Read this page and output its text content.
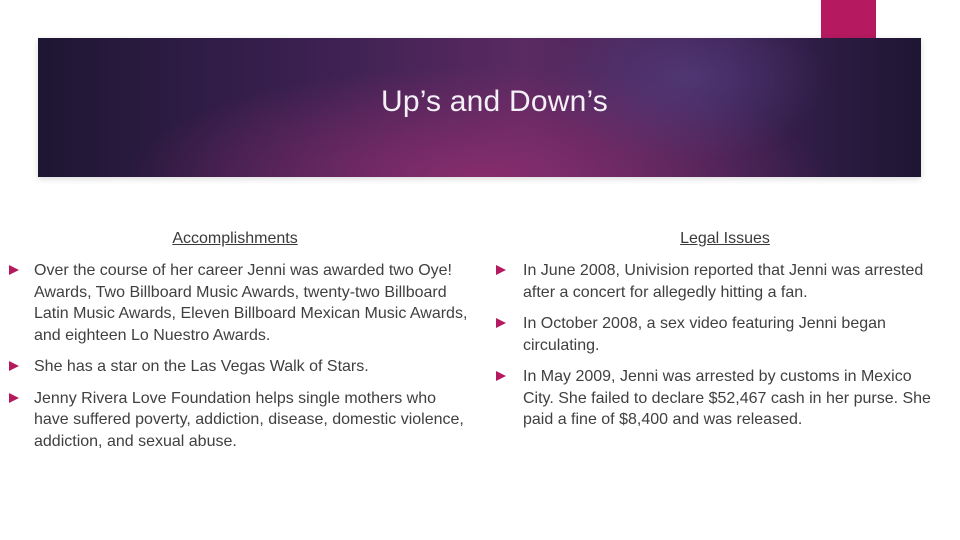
Up’s and Down’s
Accomplishments
Over the course of her career Jenni was awarded two Oye! Awards, Two Billboard Music Awards, twenty-two Billboard Latin Music Awards, Eleven Billboard Mexican Music Awards, and eighteen Lo Nuestro Awards.
She has a star on the Las Vegas Walk of Stars.
Jenny Rivera Love Foundation helps single mothers who have suffered poverty, addiction, disease, domestic violence, addiction, and sexual abuse.
Legal Issues
In June 2008, Univision reported that Jenni was arrested after a concert for allegedly hitting a fan.
In October 2008, a sex video featuring Jenni began circulating.
In May 2009, Jenni was arrested by customs in Mexico City. She failed to declare $52,467 cash in her purse. She paid a fine of $8,400 and was released.
